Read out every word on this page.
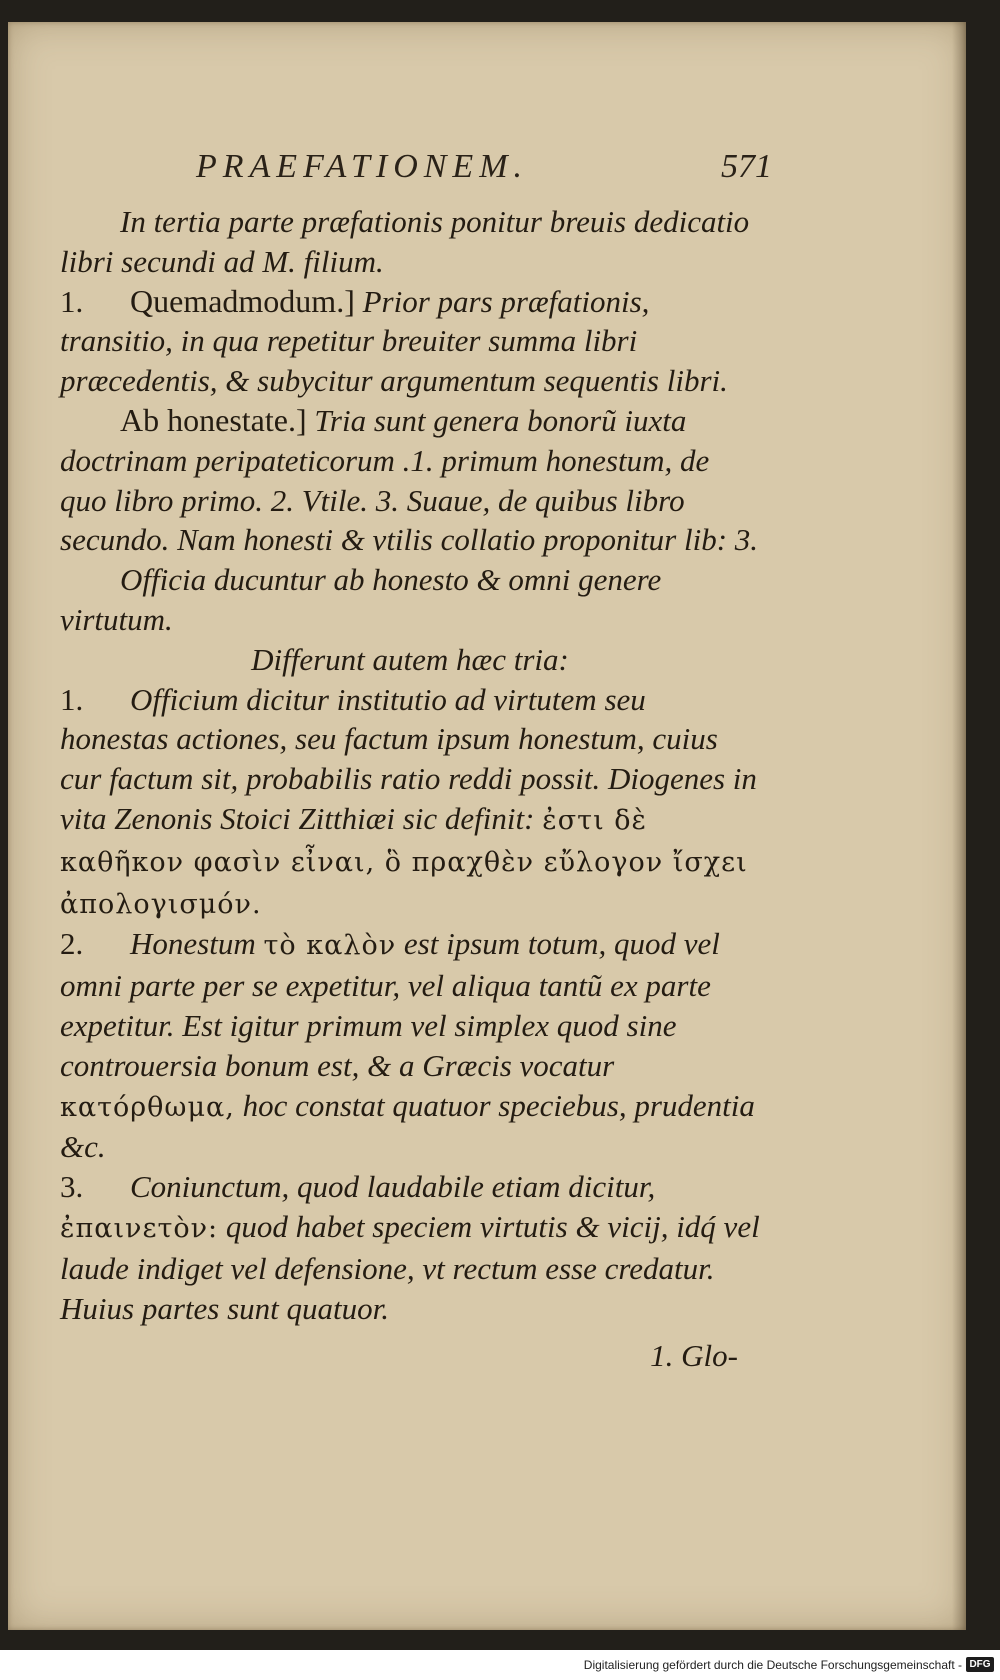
PRAEFATIONEM.	571

In tertia parte præfationis ponitur breuis dedicatio libri secundi ad M. filium.

1. Quemadmodum.] Prior pars præfationis, transitio, in qua repetitur breuiter summa libri præcedentis, & subycitur argumentum sequentis libri.

Ab honestate.] Tria sunt genera bonorũ iuxta doctrinam peripateticorum .1. primum honestum, de quo libro primo. 2. Vtile. 3. Suaue, de quibus libro secundo. Nam honesti & vtilis collatio proponitur lib: 3.

Officia ducuntur ab honesto & omni genere virtutum.

Differunt autem hæc tria:

1. Officium dicitur institutio ad virtutem seu honestas actiones, seu factum ipsum honestum, cuius cur factum sit, probabilis ratio reddi possit. Diogenes in vita Zenonis Stoici Zitthiæi sic definit: ἐστι δὲ καθῆκον φασὶν εἶναι, ὃ πραχθὲν εὔλογον ἴσχει ἀπολογισμόν.

2. Honestum τὸ καλὸν est ipsum totum, quod vel omni parte per se expetitur, vel aliqua tantũ ex parte expetitur. Est igitur primum vel simplex quod sine controuersia bonum est, & a Græcis vocatur κατόρθωμα, hoc constat quatuor speciebus, prudentia &c.

3. Coniunctum, quod laudabile etiam dicitur, ἐπαινετὸν: quod habet speciem virtutis & vicij, idq́ vel laude indiget vel defensione, vt rectum esse credatur. Huius partes sunt quatuor.

1. Glo-

Digitalisierung gefördert durch die Deutsche Forschungsgemeinschaft - DFG
